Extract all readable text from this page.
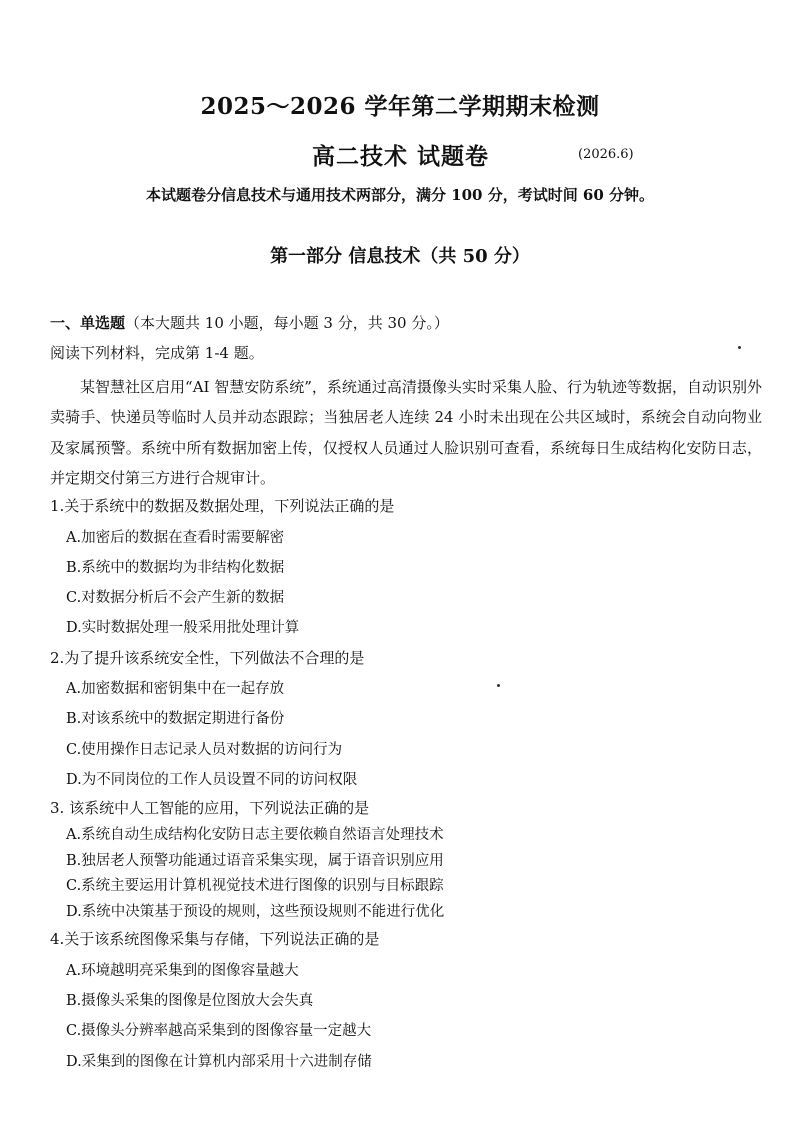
2025～2026 学年第二学期期末检测
高二技术 试题卷	(2026.6)
本试题卷分信息技术与通用技术两部分，满分 100 分，考试时间 60 分钟。
第一部分 信息技术（共 50 分）
一、单选题（本大题共 10 小题，每小题 3 分，共 30 分。）
阅读下列材料，完成第 1-4 题。

某智慧社区启用“AI 智慧安防系统”，系统通过高清摄像头实时采集人脸、行为轨迹等数据，自动识别外卖骑手、快递员等临时人员并动态跟踪；当独居老人连续 24 小时未出现在公共区域时，系统会自动向物业及家属预警。系统中所有数据加密上传，仅授权人员通过人脸识别可查看，系统每日生成结构化安防日志，并定期交付第三方进行合规审计。

1.关于系统中的数据及数据处理，下列说法正确的是
A.加密后的数据在查看时需要解密
B.系统中的数据均为非结构化数据
C.对数据分析后不会产生新的数据
D.实时数据处理一般采用批处理计算
2.为了提升该系统安全性，下列做法不合理的是
A.加密数据和密钥集中在一起存放
B.对该系统中的数据定期进行备份
C.使用操作日志记录人员对数据的访问行为
D.为不同岗位的工作人员设置不同的访问权限
3. 该系统中人工智能的应用，下列说法正确的是
A.系统自动生成结构化安防日志主要依赖自然语言处理技术
B.独居老人预警功能通过语音采集实现，属于语音识别应用
C.系统主要运用计算机视觉技术进行图像的识别与目标跟踪
D.系统中决策基于预设的规则，这些预设规则不能进行优化
4.关于该系统图像采集与存储，下列说法正确的是
A.环境越明亮采集到的图像容量越大
B.摄像头采集的图像是位图放大会失真
C.摄像头分辨率越高采集到的图像容量一定越大
D.采集到的图像在计算机内部采用十六进制存储
